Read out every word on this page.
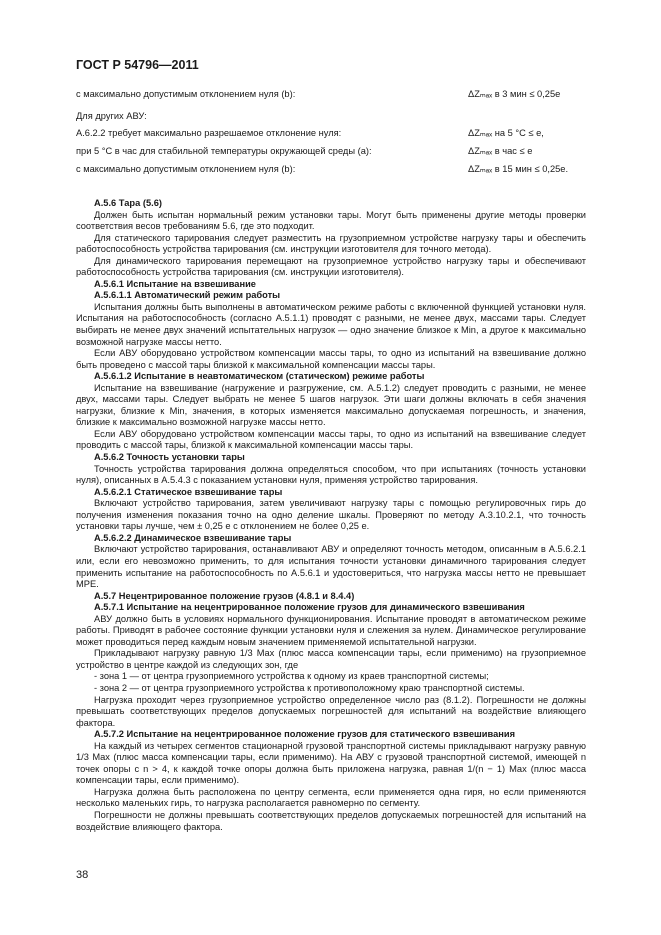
ГОСТ Р 54796—2011
с максимально допустимым отклонением нуля (b):	ΔZₘₐₓ в 3 мин ≤ 0,25e
Для других АВУ:
А.6.2.2 требует максимально разрешаемое отклонение нуля:	ΔZₘₐₓ на 5 °C ≤ e,
при 5 °C в час для стабильной температуры окружающей среды (a):	ΔZₘₐₓ в час ≤ e
с максимально допустимым отклонением нуля (b):	ΔZₘₐₓ в 15 мин ≤ 0,25e.

А.5.6 Тара (5.6)

Должен быть испытан нормальный режим установки тары. Могут быть применены другие методы проверки соответствия весов требованиям 5.6, где это подходит.

Для статического тарирования следует разместить на грузоприемном устройстве нагрузку тары и обеспечить работоспособность устройства тарирования (см. инструкции изготовителя для точного метода).

Для динамического тарирования перемещают на грузоприемное устройство нагрузку тары и обеспечивают работоспособность устройства тарирования (см. инструкции изготовителя).

А.5.6.1 Испытание на взвешивание

А.5.6.1.1 Автоматический режим работы

Испытания должны быть выполнены в автоматическом режиме работы с включенной функцией установки нуля. Испытания на работоспособность (согласно А.5.1.1) проводят с разными, не менее двух, массами тары. Следует выбирать не менее двух значений испытательных нагрузок — одно значение близкое к Min, а другое к максимально возможной нагрузке массы нетто.

Если АВУ оборудовано устройством компенсации массы тары, то одно из испытаний на взвешивание должно быть проведено с массой тары близкой к максимальной компенсации массы тары.

А.5.6.1.2 Испытание в неавтоматическом (статическом) режиме работы

Испытание на взвешивание (нагружение и разгружение, см. А.5.1.2) следует проводить с разными, не менее двух, массами тары. Следует выбрать не менее 5 шагов нагрузок. Эти шаги должны включать в себя значения нагрузки, близкие к Min, значения, в которых изменяется максимально допускаемая погрешность, и значения, близкие к максимально возможной нагрузке массы нетто.

Если АВУ оборудовано устройством компенсации массы тары, то одно из испытаний на взвешивание следует проводить с массой тары, близкой к максимальной компенсации массы тары.

А.5.6.2 Точность установки тары

Точность устройства тарирования должна определяться способом, что при испытаниях (точность установки нуля), описанных в А.5.4.3 с показанием установки нуля, применяя устройство тарирования.

А.5.6.2.1 Статическое взвешивание тары

Включают устройство тарирования, затем увеличивают нагрузку тары с помощью регулировочных гирь до получения изменения показания точно на одно деление шкалы. Проверяют по методу А.3.10.2.1, что точность установки тары лучше, чем ± 0,25 е с отклонением не более 0,25 е.

А.5.6.2.2 Динамическое взвешивание тары

Включают устройство тарирования, останавливают АВУ и определяют точность методом, описанным в А.5.6.2.1 или, если его невозможно применить, то для испытания точности установки динамичного тарирования следует применить испытание на работоспособность по А.5.6.1 и удостовериться, что нагрузка массы нетто не превышает МРЕ.

А.5.7 Нецентрированное положение грузов (4.8.1 и 8.4.4)

А.5.7.1 Испытание на нецентрированное положение грузов для динамического взвешивания

АВУ должно быть в условиях нормального функционирования. Испытание проводят в автоматическом режиме работы. Приводят в рабочее состояние функции установки нуля и слежения за нулем. Динамическое регулирование может проводиться перед каждым новым значением применяемой испытательной нагрузки.

Прикладывают нагрузку равную 1/3 Max (плюс масса компенсации тары, если применимо) на грузоприемное устройство в центре каждой из следующих зон, где

- зона 1 — от центра грузоприемного устройства к одному из краев транспортной системы;

- зона 2 — от центра грузоприемного устройства к противоположному краю транспортной системы.

Нагрузка проходит через грузоприемное устройство определенное число раз (8.1.2). Погрешности не должны превышать соответствующих пределов допускаемых погрешностей для испытаний на воздействие влияющего фактора.

А.5.7.2 Испытание на нецентрированное положение грузов для статического взвешивания

На каждый из четырех сегментов стационарной грузовой транспортной системы прикладывают нагрузку равную 1/3 Max (плюс масса компенсации тары, если применимо). На АВУ с грузовой транспортной системой, имеющей n точек опоры с n > 4, к каждой точке опоры должна быть приложена нагрузка, равная 1/(n − 1) Max (плюс масса компенсации тары, если применимо).

Нагрузка должна быть расположена по центру сегмента, если применяется одна гиря, но если применяются несколько маленьких гирь, то нагрузка располагается равномерно по сегменту.

Погрешности не должны превышать соответствующих пределов допускаемых погрешностей для испытаний на воздействие влияющего фактора.

38
